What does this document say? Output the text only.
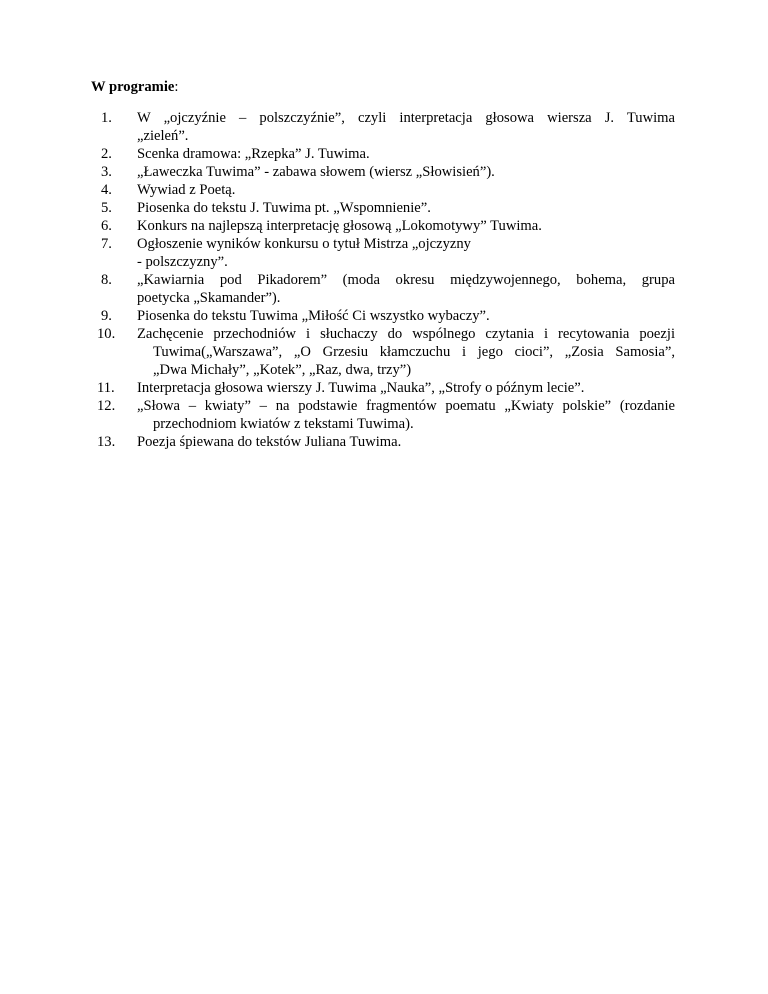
W programie:

1.	W „ojczyźnie – polszczyźnie”, czyli interpretacja głosowa wiersza J. Tuwima
„zieleń”.
2.	Scenka dramowa: „Rzepka” J. Tuwima.
3.	„Ławeczka Tuwima” - zabawa słowem (wiersz „Słowisień”).
4.	Wywiad z Poetą.
5.	Piosenka do tekstu J. Tuwima pt. „Wspomnienie”.
6.	Konkurs na najlepszą interpretację głosową „Lokomotywy” Tuwima.
7.	Ogłoszenie wyników konkursu o tytuł Mistrza „ojczyzny
- polszczyzny”.
8.	„Kawiarnia pod Pikadorem” (moda okresu międzywojennego, bohema, grupa
poetycka „Skamander”).
9.	Piosenka do tekstu Tuwima „Miłość Ci wszystko wybaczy”.
10.	Zachęcenie przechodniów i słuchaczy do wspólnego czytania i recytowania poezji
Tuwima(„Warszawa”, „O Grzesiu kłamczuchu i jego cioci”, „Zosia Samosia”,
„Dwa Michały”, „Kotek”, „Raz, dwa, trzy”)
11.	Interpretacja głosowa wierszy J. Tuwima „Nauka”, „Strofy o późnym lecie”.
12.	„Słowa – kwiaty” – na podstawie fragmentów poematu „Kwiaty polskie” (rozdanie
przechodniom kwiatów z tekstami Tuwima).
13.	Poezja śpiewana do tekstów Juliana Tuwima.
